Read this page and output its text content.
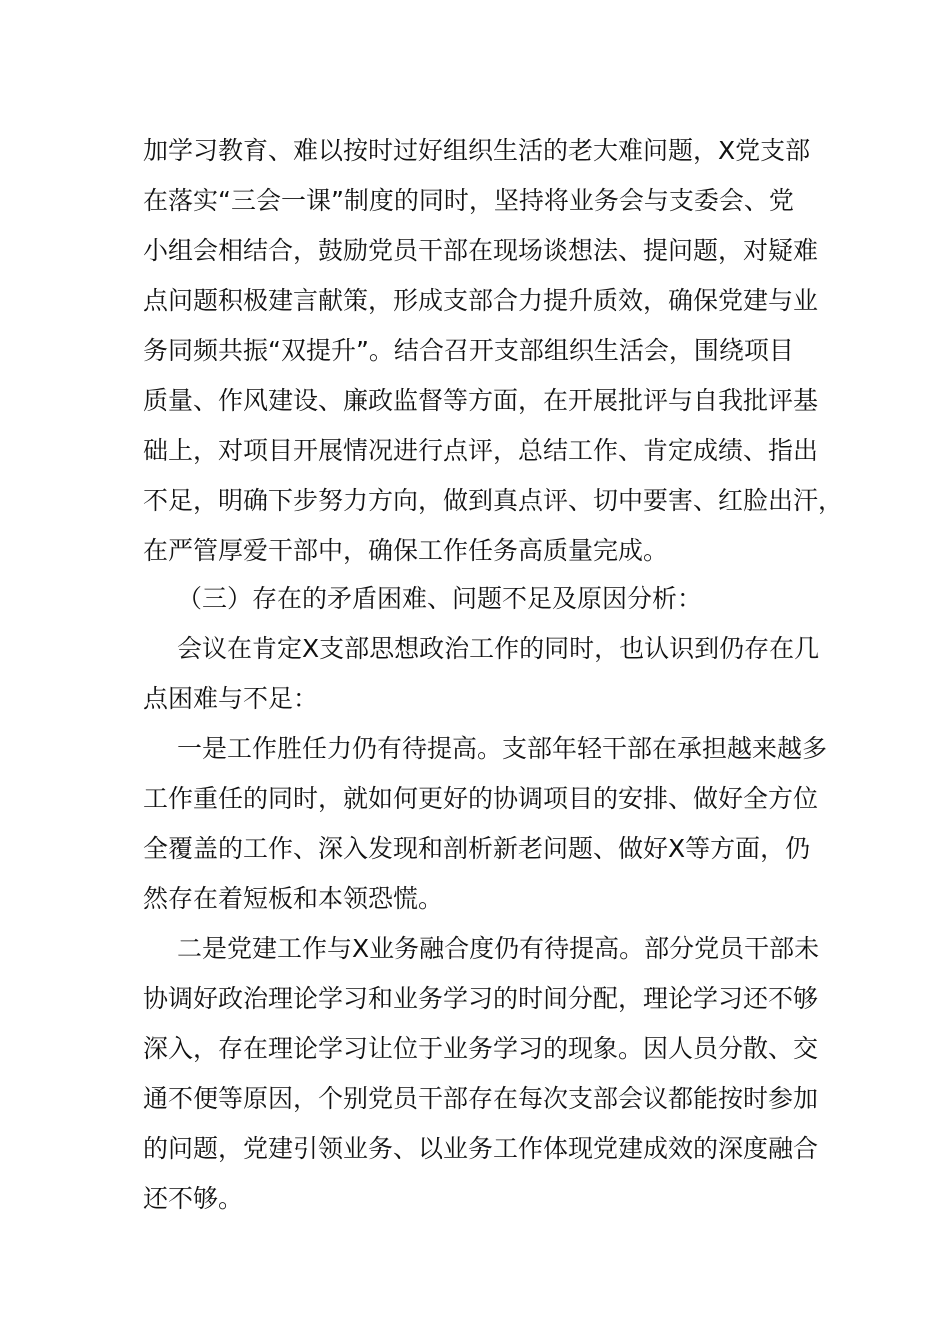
加学习教育、难以按时过好组织生活的老大难问题，X党支部
在落实“三会一课”制度的同时，坚持将业务会与支委会、党
小组会相结合，鼓励党员干部在现场谈想法、提问题，对疑难
点问题积极建言献策，形成支部合力提升质效，确保党建与业
务同频共振“双提升”。结合召开支部组织生活会，围绕项目
质量、作风建设、廉政监督等方面，在开展批评与自我批评基
础上，对项目开展情况进行点评，总结工作、肯定成绩、指出
不足，明确下步努力方向，做到真点评、切中要害、红脸出汗，
在严管厚爱干部中，确保工作任务高质量完成。
（三）存在的矛盾困难、问题不足及原因分析：
会议在肯定X支部思想政治工作的同时，也认识到仍存在几
点困难与不足：
一是工作胜任力仍有待提高。支部年轻干部在承担越来越多
工作重任的同时，就如何更好的协调项目的安排、做好全方位
全覆盖的工作、深入发现和剖析新老问题、做好X等方面，仍
然存在着短板和本领恐慌。
二是党建工作与X业务融合度仍有待提高。部分党员干部未
协调好政治理论学习和业务学习的时间分配，理论学习还不够
深入，存在理论学习让位于业务学习的现象。因人员分散、交
通不便等原因，个别党员干部存在每次支部会议都能按时参加
的问题，党建引领业务、以业务工作体现党建成效的深度融合
还不够。
